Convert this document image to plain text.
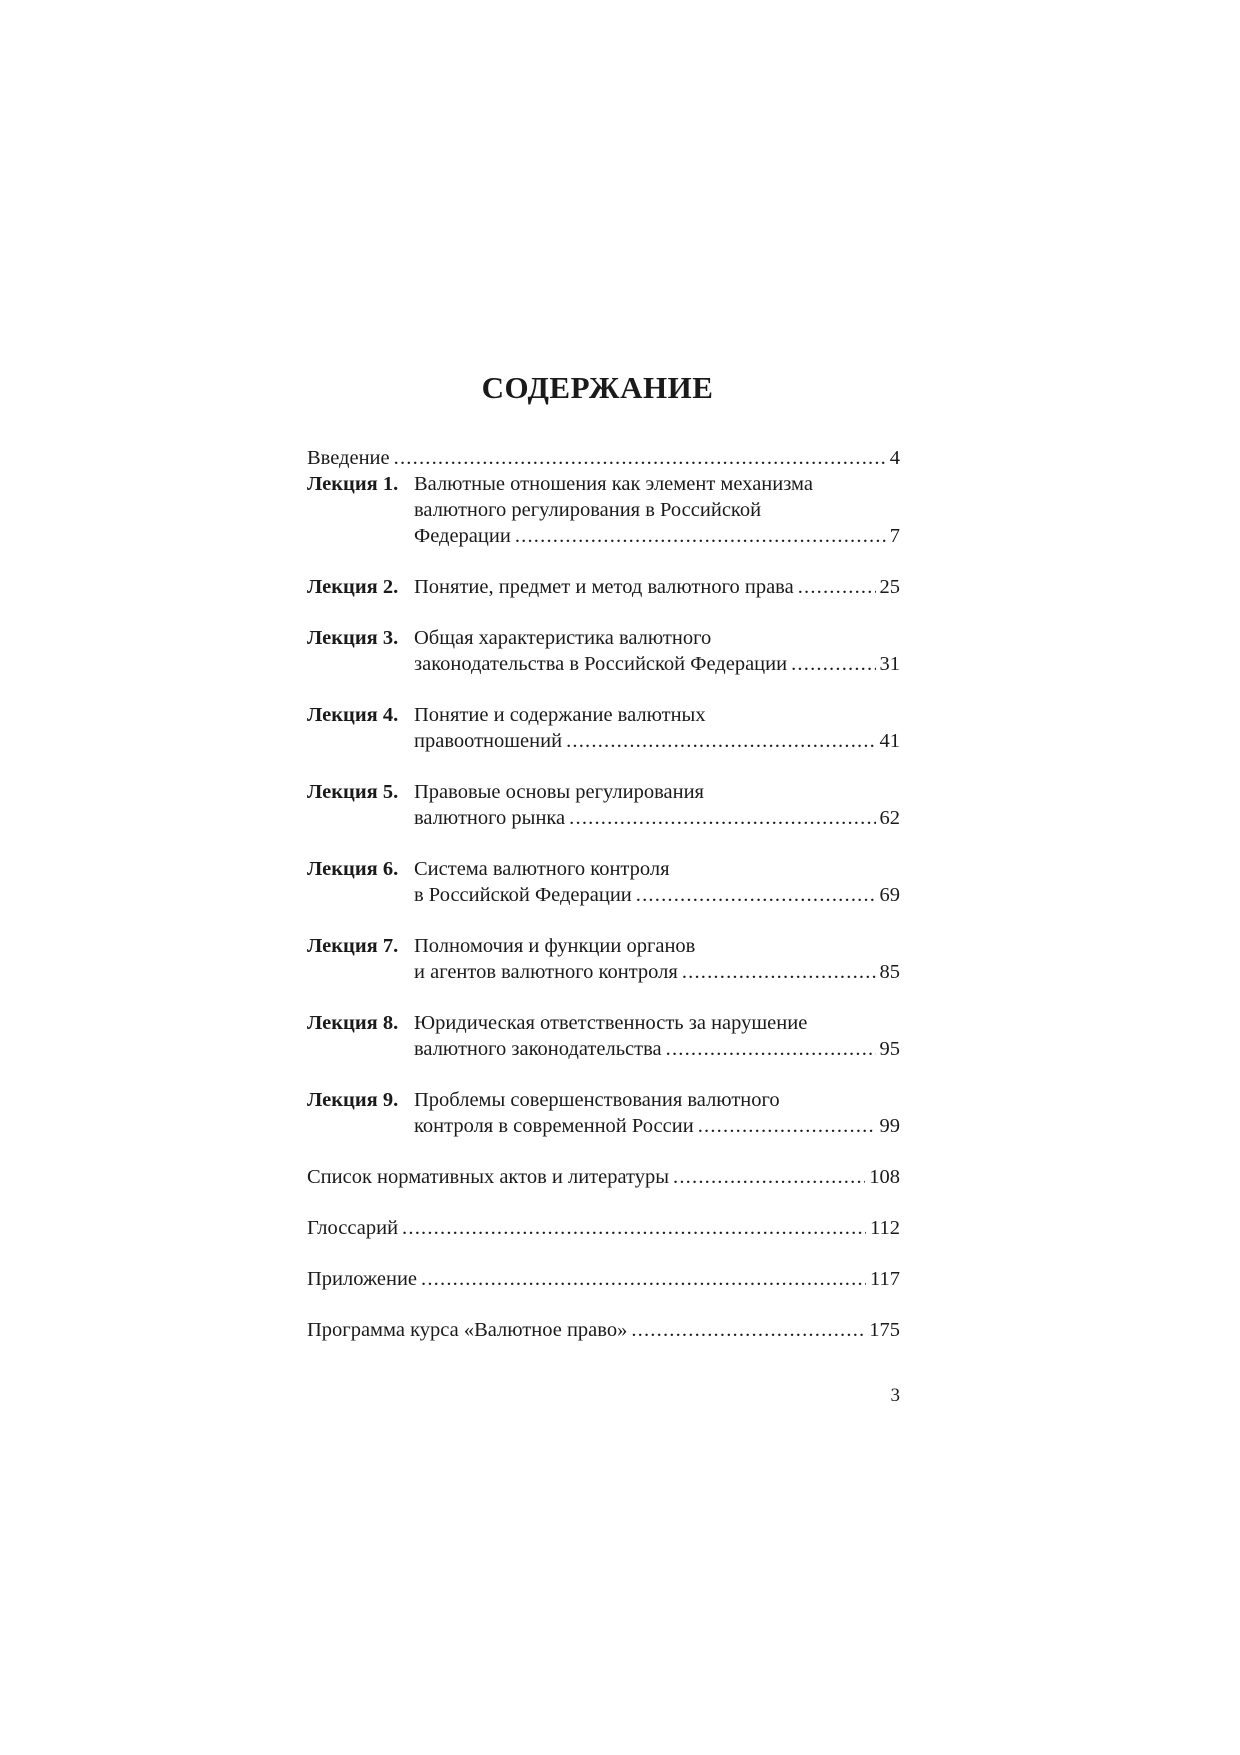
СОДЕРЖАНИЕ
Введение .....	4
Лекция 1. Валютные отношения как элемент механизма
валютного регулирования в Российской
Федерации .....	7
Лекция 2. Понятие, предмет и метод валютного права .....	25
Лекция 3. Общая характеристика валютного
законодательства в Российской Федерации .....	31
Лекция 4. Понятие и содержание валютных
правоотношений .....	41
Лекция 5. Правовые основы регулирования
валютного рынка .....	62
Лекция 6. Система валютного контроля
в Российской Федерации .....	69
Лекция 7. Полномочия и функции органов
и агентов валютного контроля .....	85
Лекция 8. Юридическая ответственность за нарушение
валютного законодательства .....	95
Лекция 9. Проблемы совершенствования валютного
контроля в современной России .....	99
Список нормативных актов и литературы .....	108
Глоссарий .....	112
Приложение .....	117
Программа курса «Валютное право» .....	175
3
